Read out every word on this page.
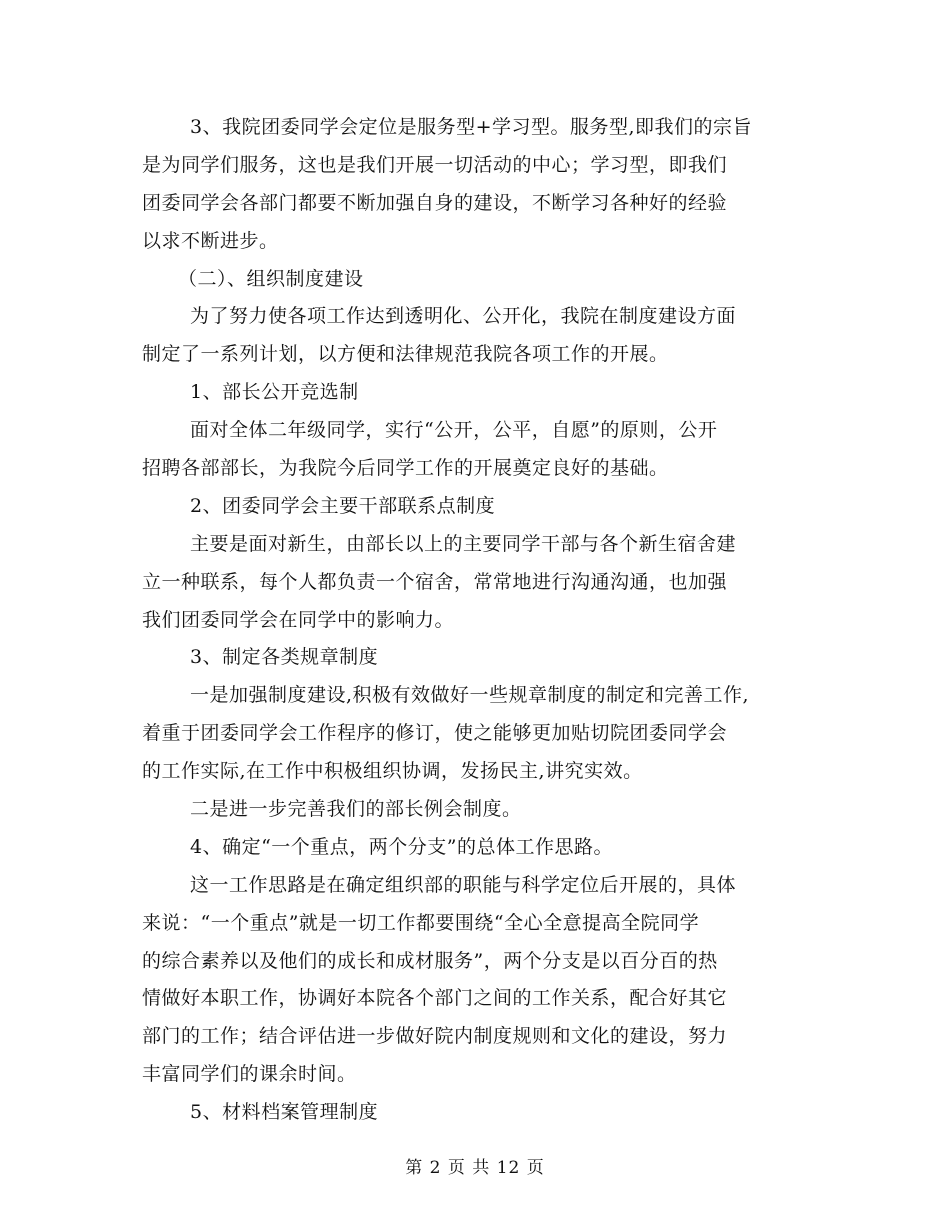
3、我院团委同学会定位是服务型+学习型。服务型,即我们的宗旨
是为同学们服务，这也是我们开展一切活动的中心；学习型，即我们
团委同学会各部门都要不断加强自身的建设，不断学习各种好的经验
以求不断进步。
（二）、组织制度建设
为了努力使各项工作达到透明化、公开化，我院在制度建设方面
制定了一系列计划，以方便和法律规范我院各项工作的开展。
1、部长公开竞选制
面对全体二年级同学，实行“公开，公平，自愿”的原则，公开
招聘各部部长，为我院今后同学工作的开展奠定良好的基础。
2、团委同学会主要干部联系点制度
主要是面对新生，由部长以上的主要同学干部与各个新生宿舍建
立一种联系，每个人都负责一个宿舍，常常地进行沟通沟通，也加强
我们团委同学会在同学中的影响力。
3、制定各类规章制度
一是加强制度建设,积极有效做好一些规章制度的制定和完善工作,
着重于团委同学会工作程序的修订，使之能够更加贴切院团委同学会
的工作实际,在工作中积极组织协调，发扬民主,讲究实效。
二是进一步完善我们的部长例会制度。
4、确定“一个重点，两个分支”的总体工作思路。
这一工作思路是在确定组织部的职能与科学定位后开展的，具体
来说：“一个重点”就是一切工作都要围绕“全心全意提高全院同学
的综合素养以及他们的成长和成材服务”，两个分支是以百分百的热
情做好本职工作，协调好本院各个部门之间的工作关系，配合好其它
部门的工作；结合评估进一步做好院内制度规则和文化的建设，努力
丰富同学们的课余时间。
5、材料档案管理制度
第 2 页 共 12 页
